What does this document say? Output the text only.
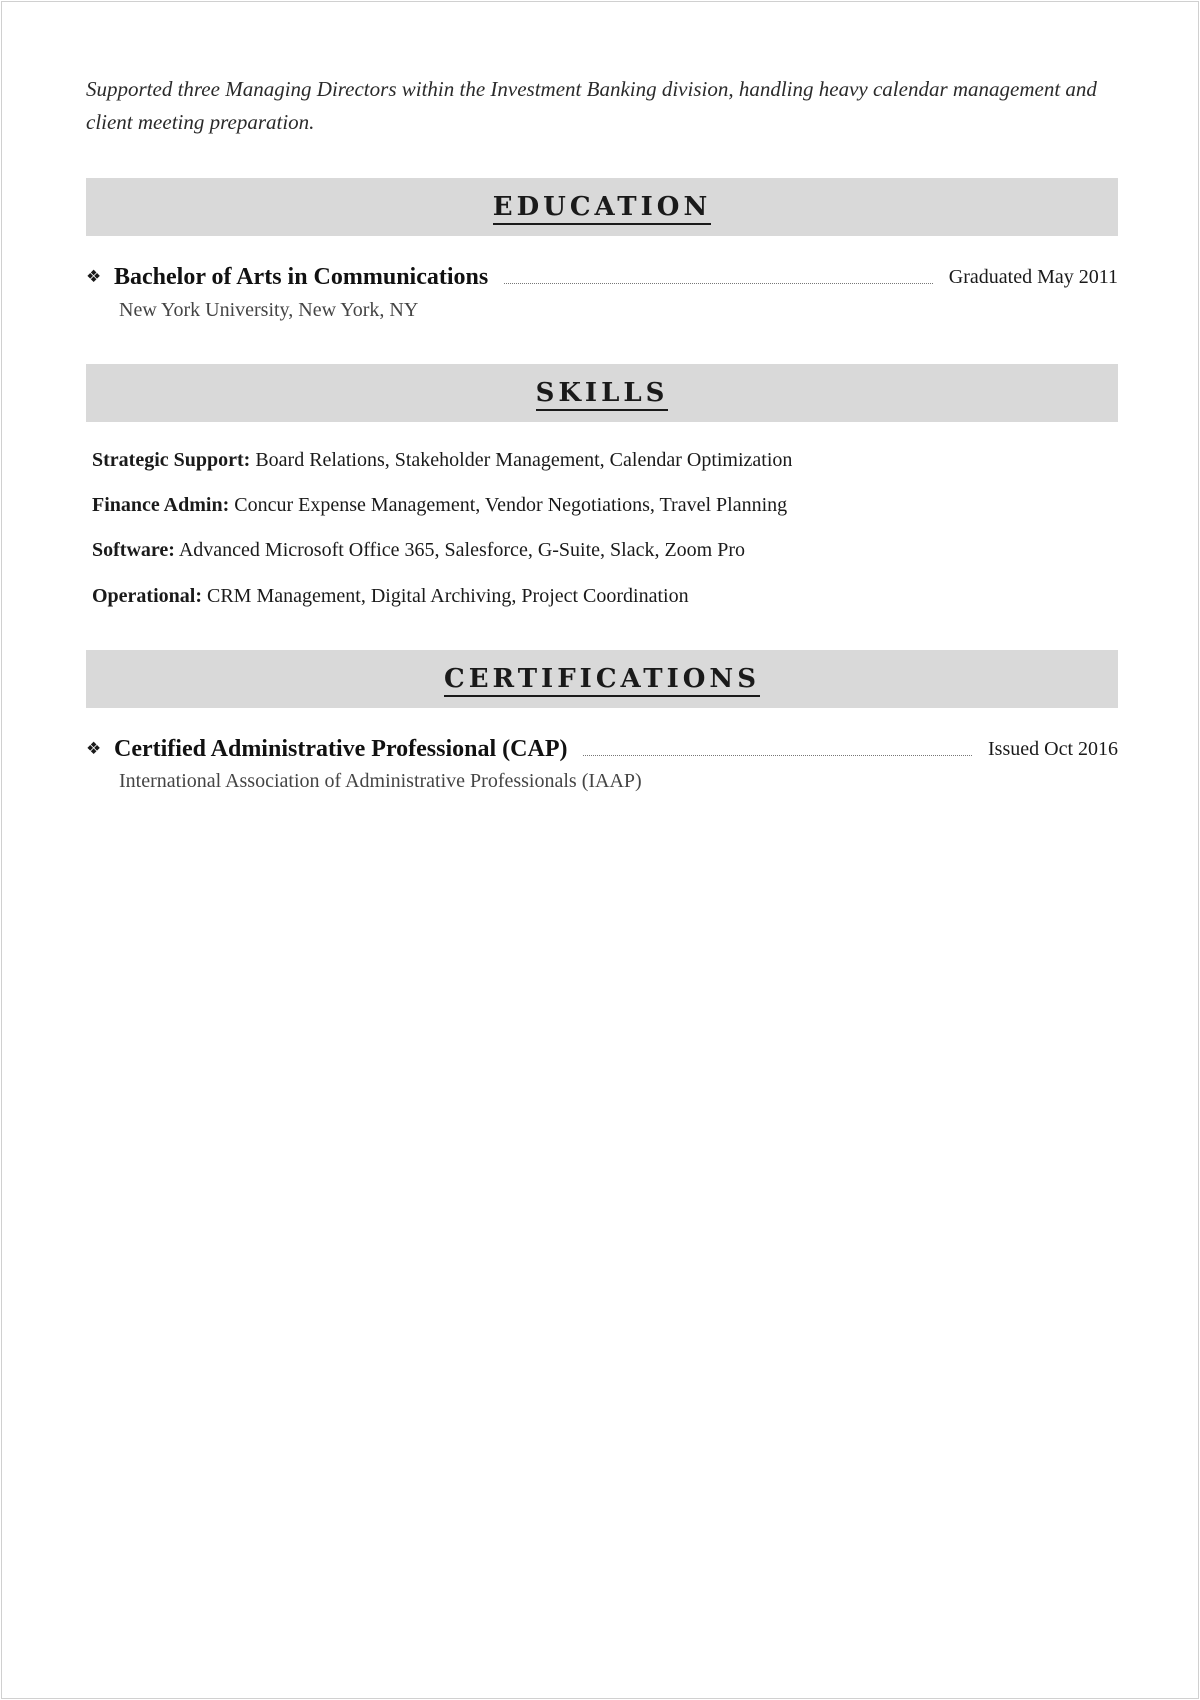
Supported three Managing Directors within the Investment Banking division, handling heavy calendar management and client meeting preparation.

EDUCATION
❖ Bachelor of Arts in Communications	Graduated May 2011
New York University, New York, NY
SKILLS
Strategic Support: Board Relations, Stakeholder Management, Calendar Optimization
Finance Admin: Concur Expense Management, Vendor Negotiations, Travel Planning
Software: Advanced Microsoft Office 365, Salesforce, G-Suite, Slack, Zoom Pro
Operational: CRM Management, Digital Archiving, Project Coordination
CERTIFICATIONS
❖ Certified Administrative Professional (CAP)	Issued Oct 2016
International Association of Administrative Professionals (IAAP)
